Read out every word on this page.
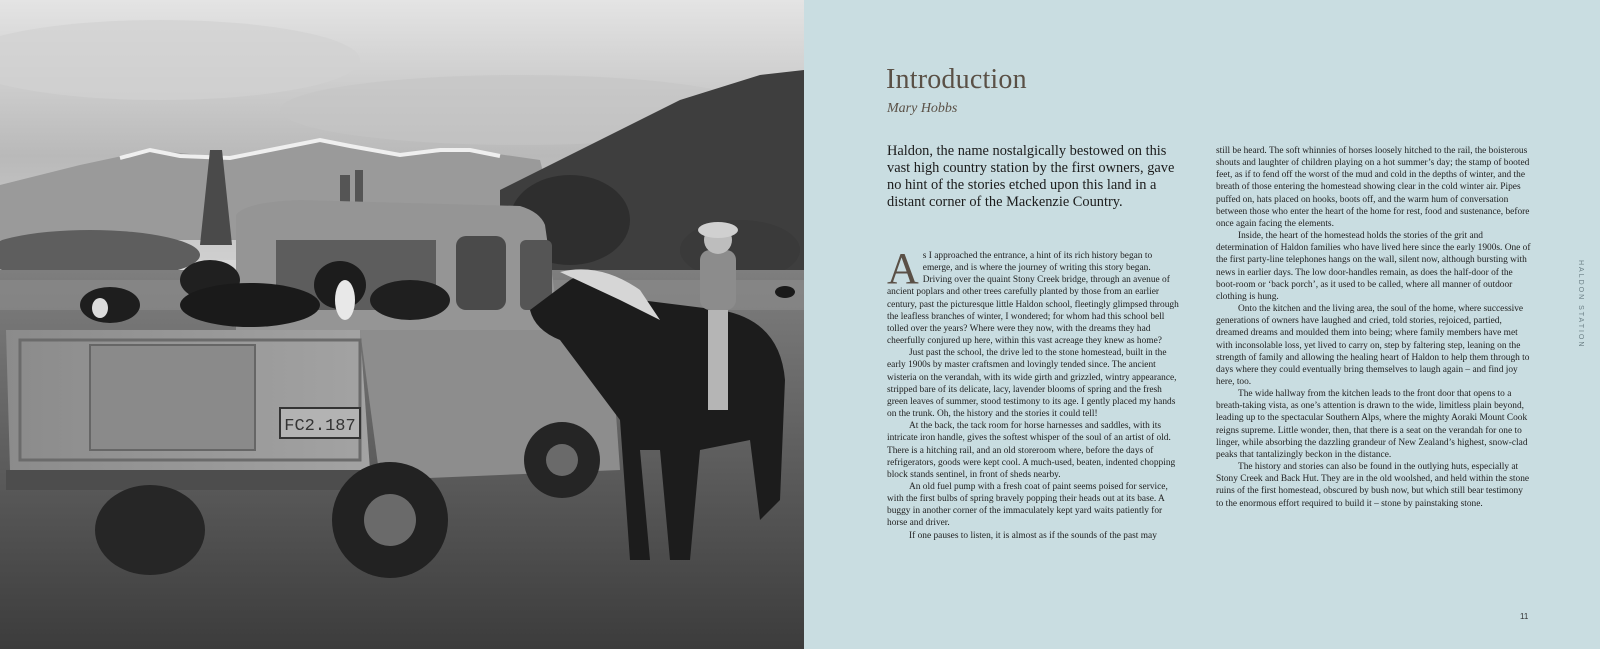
FC2.187
Introduction

Mary Hobbs

Haldon, the name nostalgically bestowed on this vast high country station by the first owners, gave no hint of the stories etched upon this land in a distant corner of the Mackenzie Country.

As I approached the entrance, a hint of its rich history began to emerge, and is where the journey of writing this story began. Driving over the quaint Stony Creek bridge, through an avenue of ancient poplars and other trees carefully planted by those from an earlier century, past the picturesque little Haldon school, fleetingly glimpsed through the leafless branches of winter, I wondered; for whom had this school bell tolled over the years? Where were they now, with the dreams they had cheerfully conjured up here, within this vast acreage they knew as home?

Just past the school, the drive led to the stone homestead, built in the early 1900s by master craftsmen and lovingly tended since. The ancient wisteria on the verandah, with its wide girth and grizzled, wintry appearance, stripped bare of its delicate, lacy, lavender blooms of spring and the fresh green leaves of summer, stood testimony to its age. I gently placed my hands on the trunk. Oh, the history and the stories it could tell!

At the back, the tack room for horse harnesses and saddles, with its intricate iron handle, gives the softest whisper of the soul of an artist of old. There is a hitching rail, and an old storeroom where, before the days of refrigerators, goods were kept cool. A much-used, beaten, indented chopping block stands sentinel, in front of sheds nearby.

An old fuel pump with a fresh coat of paint seems poised for service, with the first bulbs of spring bravely popping their heads out at its base. A buggy in another corner of the immaculately kept yard waits patiently for horse and driver.

If one pauses to listen, it is almost as if the sounds of the past may

still be heard. The soft whinnies of horses loosely hitched to the rail, the boisterous shouts and laughter of children playing on a hot summer’s day; the stamp of booted feet, as if to fend off the worst of the mud and cold in the depths of winter, and the breath of those entering the homestead showing clear in the cold winter air. Pipes puffed on, hats placed on hooks, boots off, and the warm hum of conversation between those who enter the heart of the home for rest, food and sustenance, before once again facing the elements.

Inside, the heart of the homestead holds the stories of the grit and determination of Haldon families who have lived here since the early 1900s. One of the first party-line telephones hangs on the wall, silent now, although bursting with news in earlier days. The low door-handles remain, as does the half-door of the boot-room or ‘back porch’, as it used to be called, where all manner of outdoor clothing is hung.

Onto the kitchen and the living area, the soul of the home, where successive generations of owners have laughed and cried, told stories, rejoiced, partied, dreamed dreams and moulded them into being; where family members have met with inconsolable loss, yet lived to carry on, step by faltering step, leaning on the strength of family and allowing the healing heart of Haldon to help them through to days where they could eventually bring themselves to laugh again – and find joy here, too.

The wide hallway from the kitchen leads to the front door that opens to a breath-taking vista, as one’s attention is drawn to the wide, limitless plain beyond, leading up to the spectacular Southern Alps, where the mighty Aoraki Mount Cook reigns supreme. Little wonder, then, that there is a seat on the verandah for one to linger, while absorbing the dazzling grandeur of New Zealand’s highest, snow-clad peaks that tantalizingly beckon in the distance.

The history and stories can also be found in the outlying huts, especially at Stony Creek and Back Hut. They are in the old woolshed, and held within the stone ruins of the first homestead, obscured by bush now, but which still bear testimony to the enormous effort required to build it – stone by painstaking stone.

HALDON STATION
11
